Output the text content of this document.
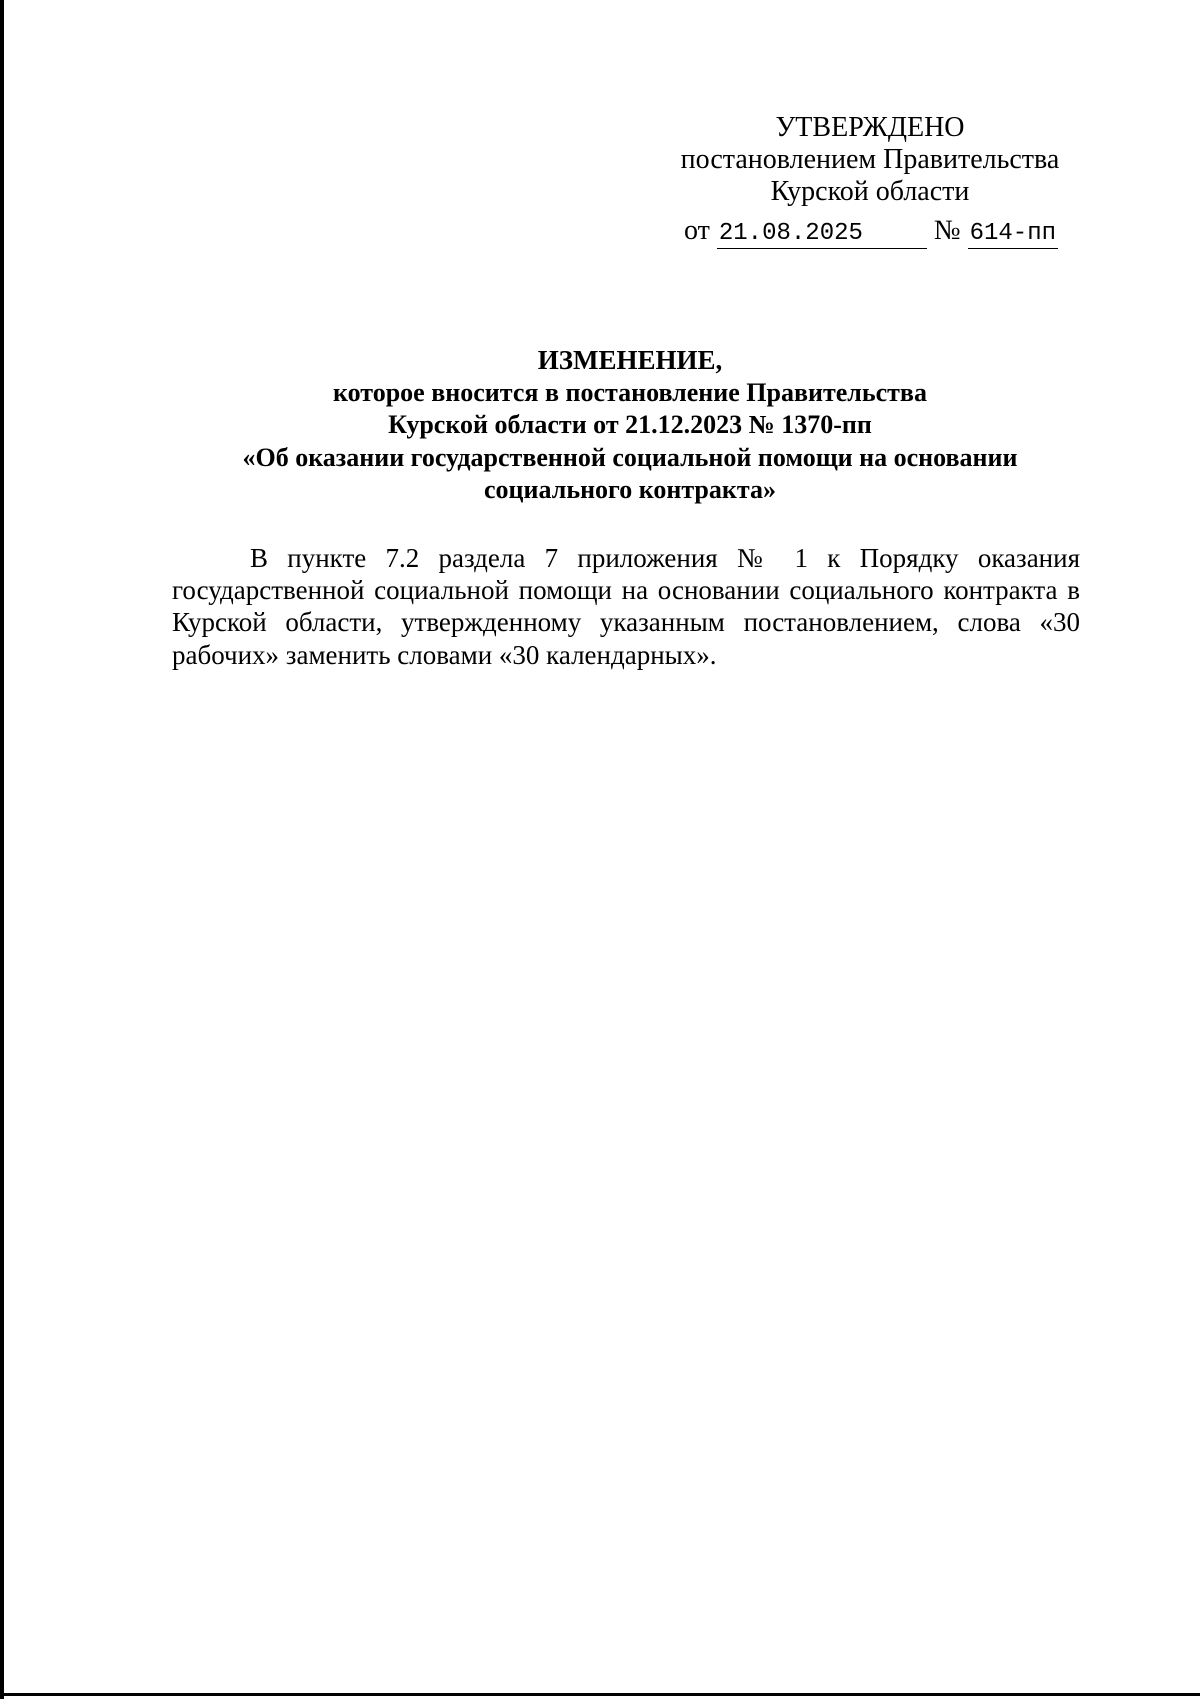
УТВЕРЖДЕНО
постановлением Правительства
Курской области
от 21.08.2025	№ 614-пп
ИЗМЕНЕНИЕ,
которое вносится в постановление Правительства
Курской области от 21.12.2023 № 1370-пп
«Об оказании государственной социальной помощи на основании
социального контракта»
В пункте 7.2 раздела 7 приложения № 1 к Порядку оказания государственной социальной помощи на основании социального контракта в Курской области, утвержденному указанным постановлением, слова «30 рабочих» заменить словами «30 календарных».
